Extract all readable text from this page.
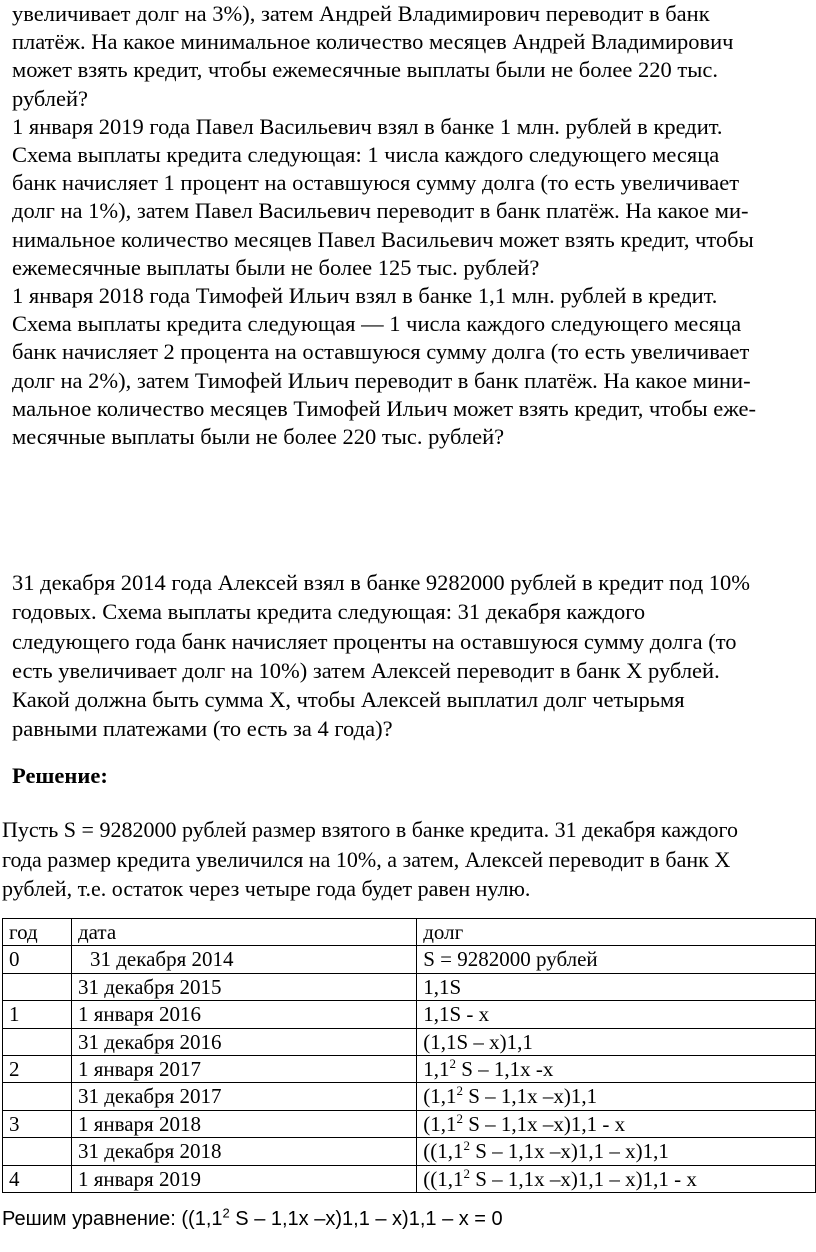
увеличивает долг на 3%), затем Андрей Владимирович переводит в банк
платёж. На какое минимальное количество месяцев Андрей Владимирович
может взять кредит, чтобы ежемесячные выплаты были не более 220 тыс.
рублей?
1 января 2019 года Павел Васильевич взял в банке 1 млн. рублей в кредит.
Схема выплаты кредита следующая: 1 числа каждого следующего месяца
банк начисляет 1 процент на оставшуюся сумму долга (то есть увеличивает
долг на 1%), затем Павел Васильевич переводит в банк платёж. На какое ми-
нимальное количество месяцев Павел Васильевич может взять кредит, чтобы
ежемесячные выплаты были не более 125 тыс. рублей?
1 января 2018 года Тимофей Ильич взял в банке 1,1 млн. рублей в кредит.
Схема выплаты кредита следующая — 1 числа каждого следующего месяца
банк начисляет 2 процента на оставшуюся сумму долга (то есть увеличивает
долг на 2%), затем Тимофей Ильич переводит в банк платёж. На какое мини-
мальное количество месяцев Тимофей Ильич может взять кредит, чтобы еже-
месячные выплаты были не более 220 тыс. рублей?
31 декабря 2014 года Алексей взял в банке 9282000 рублей в кредит под 10%
годовых. Схема выплаты кредита следующая: 31 декабря каждого
следующего года банк начисляет проценты на оставшуюся сумму долга (то
есть увеличивает долг на 10%) затем Алексей переводит в банк X рублей.
Какой должна быть сумма X, чтобы Алексей выплатил долг четырьмя
равными платежами (то есть за 4 года)?

Решение:

Пусть S = 9282000 рублей размер взятого в банке кредита. 31 декабря каждого
года размер кредита увеличился на 10%, а затем, Алексей переводит в банк X
рублей, т.е. остаток через четыре года будет равен нулю.
год	дата	долг
0	31 декабря 2014	S = 9282000 рублей
	31 декабря 2015	1,1S
1	1 января 2016	1,1S - x
	31 декабря 2016	(1,1S – x)1,1
2	1 января 2017	$1,1^2$ S – 1,1x -x
	31 декабря 2017	($1,1^2$ S – 1,1x –x)1,1
3	1 января 2018	($1,1^2$ S – 1,1x –x)1,1 - x
	31 декабря 2018	(($1,1^2$ S – 1,1x –x)1,1 – x)1,1
4	1 января 2019	(($1,1^2$ S – 1,1x –x)1,1 – x)1,1 - x

Решим уравнение: (($1,1^2$ S – 1,1x –x)1,1 – x)1,1 – x = 0
